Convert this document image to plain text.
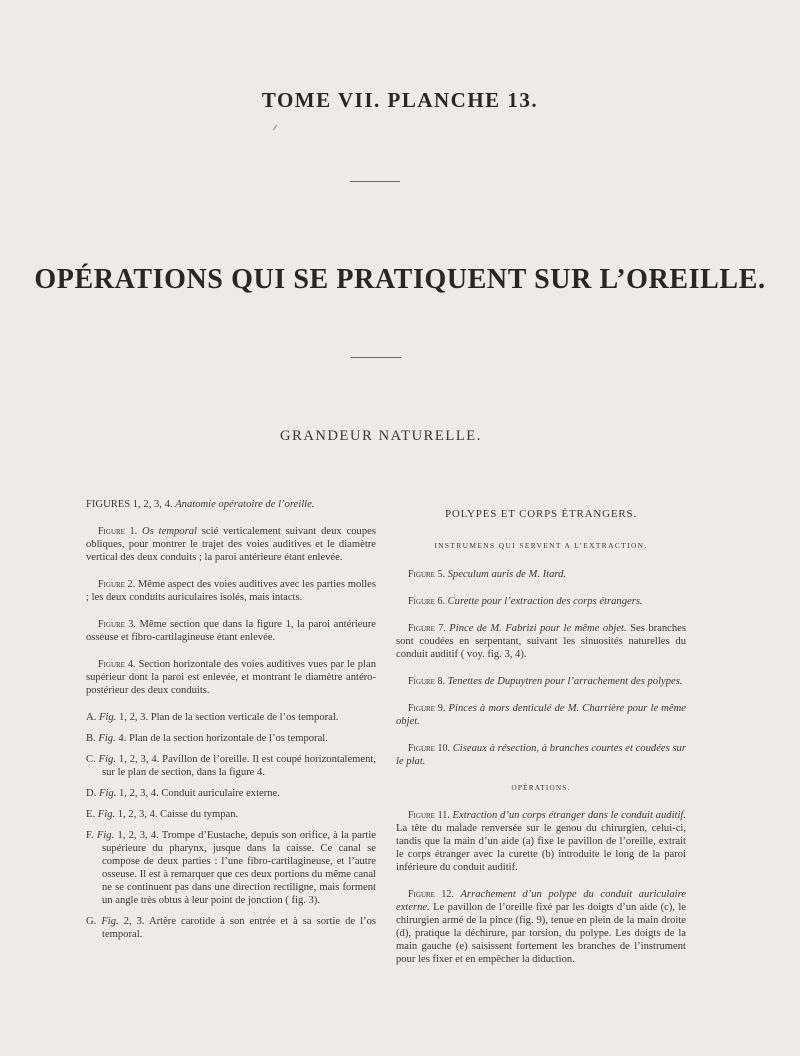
TOME VII. PLANCHE 13.
OPÉRATIONS QUI SE PRATIQUENT SUR L’OREILLE.
GRANDEUR NATURELLE.

FIGURES 1, 2, 3, 4. Anatomie opératoire de l’oreille.

Figure 1. Os temporal scié verticalement suivant deux coupes obliques, pour montrer le trajet des voies auditives et le diamètre vertical des deux conduits ; la paroi antérieure étant enlevée.

Figure 2. Même aspect des voies auditives avec les parties molles ; les deux conduits auriculaires isolés, mais intacts.

Figure 3. Même section que dans la figure 1, la paroi antérieure osseuse et fibro-cartilagineuse étant enlevée.

Figure 4. Section horizontale des voies auditives vues par le plan supérieur dont la paroi est enlevée, et montrant le diamètre antéro-postérieur des deux conduits.

A. Fig. 1, 2, 3. Plan de la section verticale de l’os temporal.

B. Fig. 4. Plan de la section horizontale de l’os temporal.

C. Fig. 1, 2, 3, 4. Pavillon de l’oreille. Il est coupé horizontalement, sur le plan de section, dans la figure 4.

D. Fig. 1, 2, 3, 4. Conduit auriculaire externe.

E. Fig. 1, 2, 3, 4. Caisse du tympan.

F. Fig. 1, 2, 3, 4. Trompe d’Eustache, depuis son orifice, à la partie supérieure du pharynx, jusque dans la caisse. Ce canal se compose de deux parties : l’une fibro-cartilagineuse, et l’autre osseuse. Il est à remarquer que ces deux portions du même canal ne se continuent pas dans une direction rectiligne, mais forment un angle très obtus à leur point de jonction ( fig. 3).

G. Fig. 2, 3. Artère carotide à son entrée et à sa sortie de l’os temporal.

POLYPES ET CORPS ÉTRANGERS.

INSTRUMENS QUI SERVENT A L’EXTRACTION.

Figure 5. Speculum auris de M. Itard.

Figure 6. Curette pour l’extraction des corps étrangers.

Figure 7. Pince de M. Fabrizi pour le même objet. Ses branches sont coudées en serpentant, suivant les sinuosités naturelles du conduit auditif ( voy. fig. 3, 4).

Figure 8. Tenettes de Dupuytren pour l’arrachement des polypes.

Figure 9. Pinces à mors denticulé de M. Charrière pour le même objet.

Figure 10. Ciseaux à résection, à branches courtes et coudées sur le plat.

OPÉRATIONS.

Figure 11. Extraction d’un corps étranger dans le conduit auditif. La tête du malade renversée sur le genou du chirurgien, celui-ci, tandis que la main d’un aide (a) fixe le pavillon de l’oreille, extrait le corps étranger avec la curette (b) introduite le long de la paroi inférieure du conduit auditif.

Figure 12. Arrachement d’un polype du conduit auriculaire externe. Le pavillon de l’oreille fixé par les doigts d’un aide (c), le chirurgien armé de la pince (fig. 9), tenue en plein de la main droite (d), pratique la déchirure, par torsion, du polype. Les doigts de la main gauche (e) saisissent fortement les branches de l’instrument pour les fixer et en empêcher la diduction.
